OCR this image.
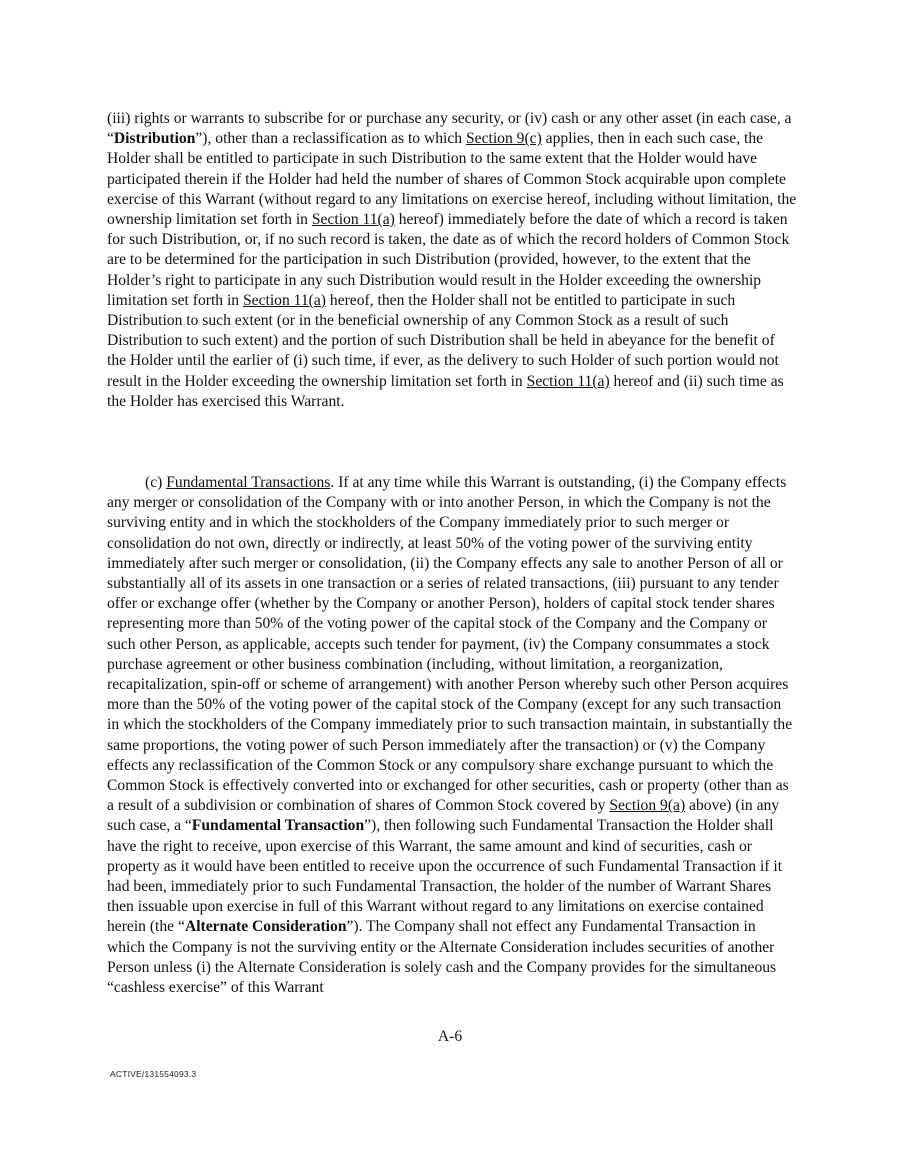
(iii) rights or warrants to subscribe for or purchase any security, or (iv) cash or any other asset (in each case, a “Distribution”), other than a reclassification as to which Section 9(c) applies, then in each such case, the Holder shall be entitled to participate in such Distribution to the same extent that the Holder would have participated therein if the Holder had held the number of shares of Common Stock acquirable upon complete exercise of this Warrant (without regard to any limitations on exercise hereof, including without limitation, the ownership limitation set forth in Section 11(a) hereof) immediately before the date of which a record is taken for such Distribution, or, if no such record is taken, the date as of which the record holders of Common Stock are to be determined for the participation in such Distribution (provided, however, to the extent that the Holder’s right to participate in any such Distribution would result in the Holder exceeding the ownership limitation set forth in Section 11(a) hereof, then the Holder shall not be entitled to participate in such Distribution to such extent (or in the beneficial ownership of any Common Stock as a result of such Distribution to such extent) and the portion of such Distribution shall be held in abeyance for the benefit of the Holder until the earlier of (i) such time, if ever, as the delivery to such Holder of such portion would not result in the Holder exceeding the ownership limitation set forth in Section 11(a) hereof and (ii) such time as the Holder has exercised this Warrant.
(c) Fundamental Transactions. If at any time while this Warrant is outstanding, (i) the Company effects any merger or consolidation of the Company with or into another Person, in which the Company is not the surviving entity and in which the stockholders of the Company immediately prior to such merger or consolidation do not own, directly or indirectly, at least 50% of the voting power of the surviving entity immediately after such merger or consolidation, (ii) the Company effects any sale to another Person of all or substantially all of its assets in one transaction or a series of related transactions, (iii) pursuant to any tender offer or exchange offer (whether by the Company or another Person), holders of capital stock tender shares representing more than 50% of the voting power of the capital stock of the Company and the Company or such other Person, as applicable, accepts such tender for payment, (iv) the Company consummates a stock purchase agreement or other business combination (including, without limitation, a reorganization, recapitalization, spin-off or scheme of arrangement) with another Person whereby such other Person acquires more than the 50% of the voting power of the capital stock of the Company (except for any such transaction in which the stockholders of the Company immediately prior to such transaction maintain, in substantially the same proportions, the voting power of such Person immediately after the transaction) or (v) the Company effects any reclassification of the Common Stock or any compulsory share exchange pursuant to which the Common Stock is effectively converted into or exchanged for other securities, cash or property (other than as a result of a subdivision or combination of shares of Common Stock covered by Section 9(a) above) (in any such case, a “Fundamental Transaction”), then following such Fundamental Transaction the Holder shall have the right to receive, upon exercise of this Warrant, the same amount and kind of securities, cash or property as it would have been entitled to receive upon the occurrence of such Fundamental Transaction if it had been, immediately prior to such Fundamental Transaction, the holder of the number of Warrant Shares then issuable upon exercise in full of this Warrant without regard to any limitations on exercise contained herein (the “Alternate Consideration”). The Company shall not effect any Fundamental Transaction in which the Company is not the surviving entity or the Alternate Consideration includes securities of another Person unless (i) the Alternate Consideration is solely cash and the Company provides for the simultaneous “cashless exercise” of this Warrant
A-6
ACTIVE/131554093.3
